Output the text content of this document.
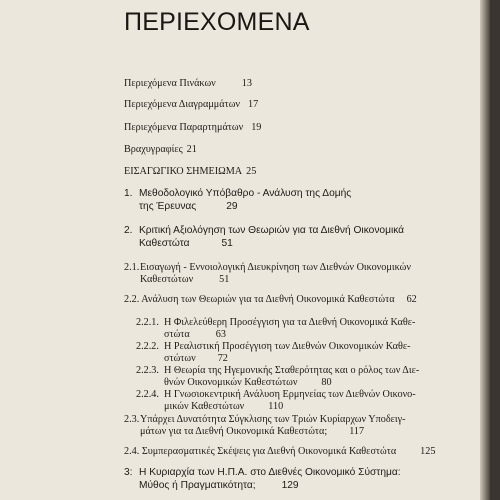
ΠΕΡΙΕΧΟΜΕΝΑ
Περιεχόμενα Πινάκων	13
Περιεχόμενα Διαγραμμάτων 17
Περιεχόμενα Παραρτημάτων 19
Βραχυγραφίες 21
ΕΙΣΑΓΩΓΙΚΟ ΣΗΜΕΙΩΜΑ 25
1. Μεθοδολογικό Υπόβαθρο - Ανάλυση της Δομής
της Έρευνας	29
2. Κριτική Αξιολόγηση των Θεωριών για τα Διεθνή Οικονομικά
Καθεστώτα	51
2.1. Εισαγωγή - Εννοιολογική Διευκρίνηση των Διεθνών Οικονομικών
Καθεστώτων	51
2.2. Ανάλυση των Θεωριών για τα Διεθνή Οικονομικά Καθεστώτα 62
2.2.1. Η Φιλελεύθερη Προσέγγιση για τα Διεθνή Οικονομικά Καθε-
στώτα	63
2.2.2. Η Ρεαλιστική Προσέγγιση των Διεθνών Οικονομικών Καθε-
στώτων 72
2.2.3. Η Θεωρία της Ηγεμονικής Σταθερότητας και ο ρόλος των Διε-
θνών Οικονομικών Καθεστώτων 80
2.2.4. Η Γνωσιοκεντρική Ανάλυση Ερμηνείας των Διεθνών Οικονο-
μικών Καθεστώτων 110
2.3. Υπάρχει Δυνατότητα Σύγκλισης των Τριών Κυρίαρχων Υποδειγ-
μάτων για τα Διεθνή Οικονομικά Καθεστώτα; 117
2.4. Συμπερασματικές Σκέψεις για Διεθνή Οικονομικά Καθεστώτα 125
3: Η Κυριαρχία των Η.Π.Α. στο Διεθνές Οικονομικό Σύστημα:
Μύθος ή Πραγματικότητα;	129
